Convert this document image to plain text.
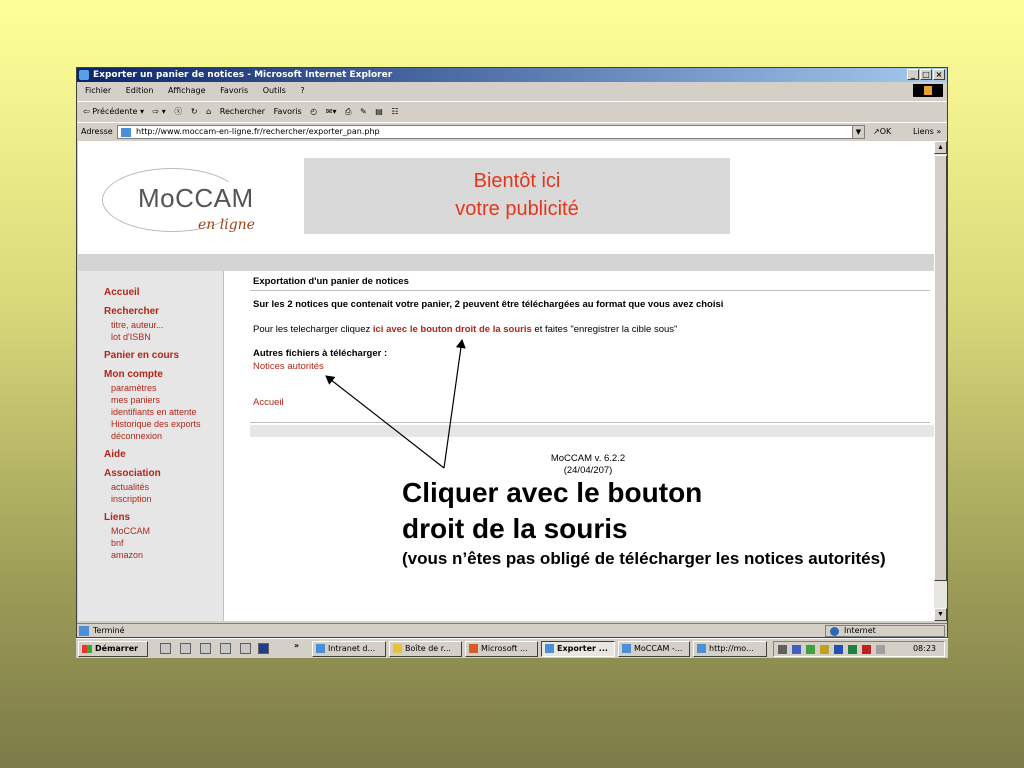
Exporter un panier de notices - Microsoft Internet Explorer	_ □ ×
Fichier Edition Affichage Favoris Outils ?
⇦ Précédente ▾ ⇨ ▾ ⓧ ↻ ⌂ Rechercher Favoris ◴ ✉▾ ⎙ ✎ ▤ ☷
Adresse	http://www.moccam-en-ligne.fr/rechercher/exporter_pan.php	▼	↗OK	Liens »
MoCCAM
en ligne
Bientôt ici
votre publicité
Accueil
Rechercher
titre, auteur...
lot d'ISBN
Panier en cours
Mon compte
paramètres
mes paniers
identifiants en attente
Historique des exports
déconnexion
Aide
Association
actualités
inscription
Liens
MoCCAM
bnf
amazon
Exportation d'un panier de notices
Sur les 2 notices que contenait votre panier, 2 peuvent être téléchargées au format que vous avez choisi
Pour les telecharger cliquez ici avec le bouton droit de la souris et faites "enregistrer la cible sous"
Autres fichiers à télécharger :
Notices autorités
Accueil
MoCCAM v. 6.2.2
(24/04/207)
▲
▼
Terminé	Internet
Démarrer	»	Intranet d...	Boîte de r...	Microsoft ...	Exporter ...	MoCCAM -...	http://mo...	08:23
Cliquer avec le bouton
droit de la souris
(vous n’êtes pas obligé de télécharger les notices autorités)
